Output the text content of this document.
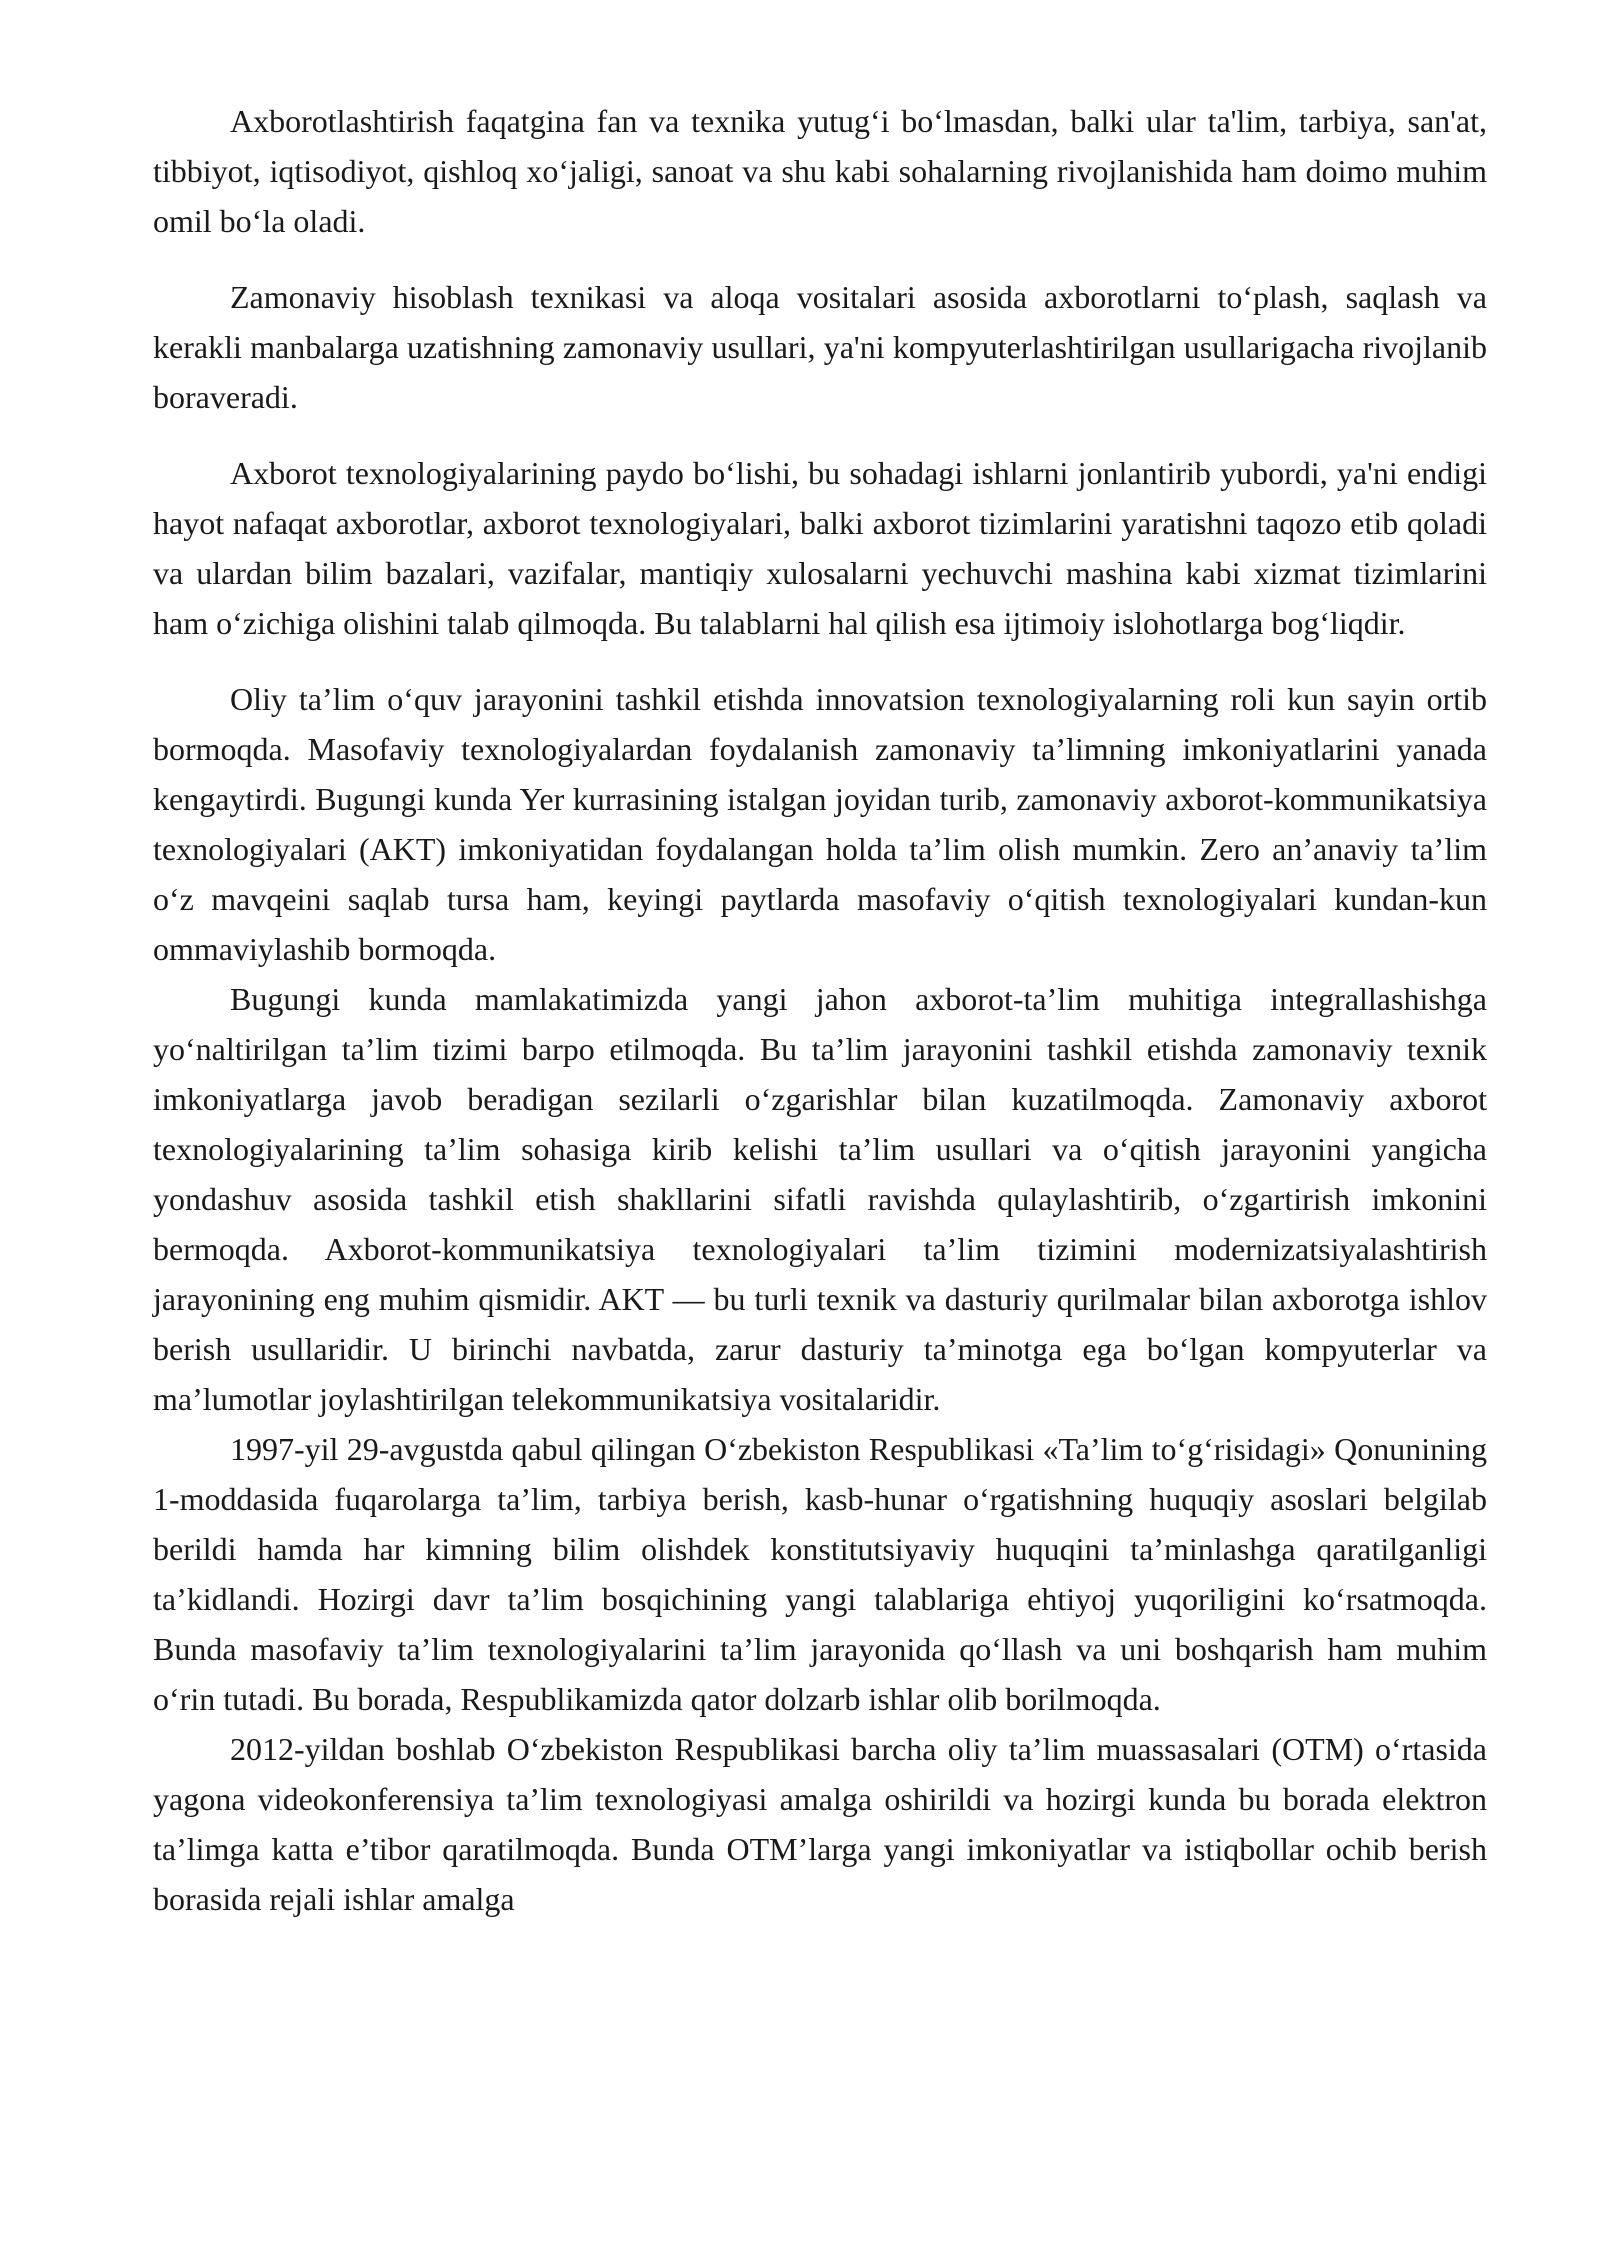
Axborotlashtirish faqatgina fan va texnika yutug‘i bo‘lmasdan, balki ular ta'lim, tarbiya, san'at, tibbiyot, iqtisodiyot, qishloq xo‘jaligi, sanoat va shu kabi sohalarning rivojlanishida ham doimo muhim omil bo‘la oladi.

Zamonaviy hisoblash texnikasi va aloqa vositalari asosida axborotlarni to‘plash, saqlash va kerakli manbalarga uzatishning zamonaviy usullari, ya'ni kompyuterlashtirilgan usullarigacha rivojlanib boraveradi.

Axborot texnologiyalarining paydo bo‘lishi, bu sohadagi ishlarni jonlantirib yubordi, ya'ni endigi hayot nafaqat axborotlar, axborot texnologiyalari, balki axborot tizimlarini yaratishni taqozo etib qoladi va ulardan bilim bazalari, vazifalar, mantiqiy xulosalarni yechuvchi mashina kabi xizmat tizimlarini ham o‘zichiga olishini talab qilmoqda. Bu talablarni hal qilish esa ijtimoiy islohotlarga bog‘liqdir.

Oliy ta’lim o‘quv jarayonini tashkil etishda innovatsion texnologiyalarning roli kun sayin ortib bormoqda. Masofaviy texnologiyalardan foydalanish zamonaviy ta’limning imkoniyatlarini yanada kengaytirdi. Bugungi kunda Yer kurrasining istalgan joyidan turib, zamonaviy axborot-kommunikatsiya texnologiyalari (AKT) imkoniyatidan foydalangan holda ta’lim olish mumkin. Zero an’anaviy ta’lim o‘z mavqeini saqlab tursa ham, keyingi paytlarda masofaviy o‘qitish texnologiyalari kundan-kun ommaviylashib bormoqda.

Bugungi kunda mamlakatimizda yangi jahon axborot-ta’lim muhitiga integrallashishga yo‘naltirilgan ta’lim tizimi barpo etilmoqda. Bu ta’lim jarayonini tashkil etishda zamonaviy texnik imkoniyatlarga javob beradigan sezilarli o‘zgarishlar bilan kuzatilmoqda. Zamonaviy axborot texnologiyalarining ta’lim sohasiga kirib kelishi ta’lim usullari va o‘qitish jarayonini yangicha yondashuv asosida tashkil etish shakllarini sifatli ravishda qulaylashtirib, o‘zgartirish imkonini bermoqda. Axborot-kommunikatsiya texnologiyalari ta’lim tizimini modernizatsiyalashtirish jarayonining eng muhim qismidir. AKT — bu turli texnik va dasturiy qurilmalar bilan axborotga ishlov berish usullaridir. U birinchi navbatda, zarur dasturiy ta’minotga ega bo‘lgan kompyuterlar va ma’lumotlar joylashtirilgan telekommunikatsiya vositalaridir.

1997-yil 29-avgustda qabul qilingan O‘zbekiston Respublikasi «Ta’lim to‘g‘risidagi» Qonunining 1-moddasida fuqarolarga ta’lim, tarbiya berish, kasb-hunar o‘rgatishning huquqiy asoslari belgilab berildi hamda har kimning bilim olishdek konstitutsiyaviy huquqini ta’minlashga qaratilganligi ta’kidlandi. Hozirgi davr ta’lim bosqichining yangi talablariga ehtiyoj yuqoriligini ko‘rsatmoqda. Bunda masofaviy ta’lim texnologiyalarini ta’lim jarayonida qo‘llash va uni boshqarish ham muhim o‘rin tutadi. Bu borada, Respublikamizda qator dolzarb ishlar olib borilmoqda.

2012-yildan boshlab O‘zbekiston Respublikasi barcha oliy ta’lim muassasalari (OTM) o‘rtasida yagona videokonferensiya ta’lim texnologiyasi amalga oshirildi va hozirgi kunda bu borada elektron ta’limga katta e’tibor qaratilmoqda. Bunda OTM’larga yangi imkoniyatlar va istiqbollar ochib berish borasida rejali ishlar amalga
